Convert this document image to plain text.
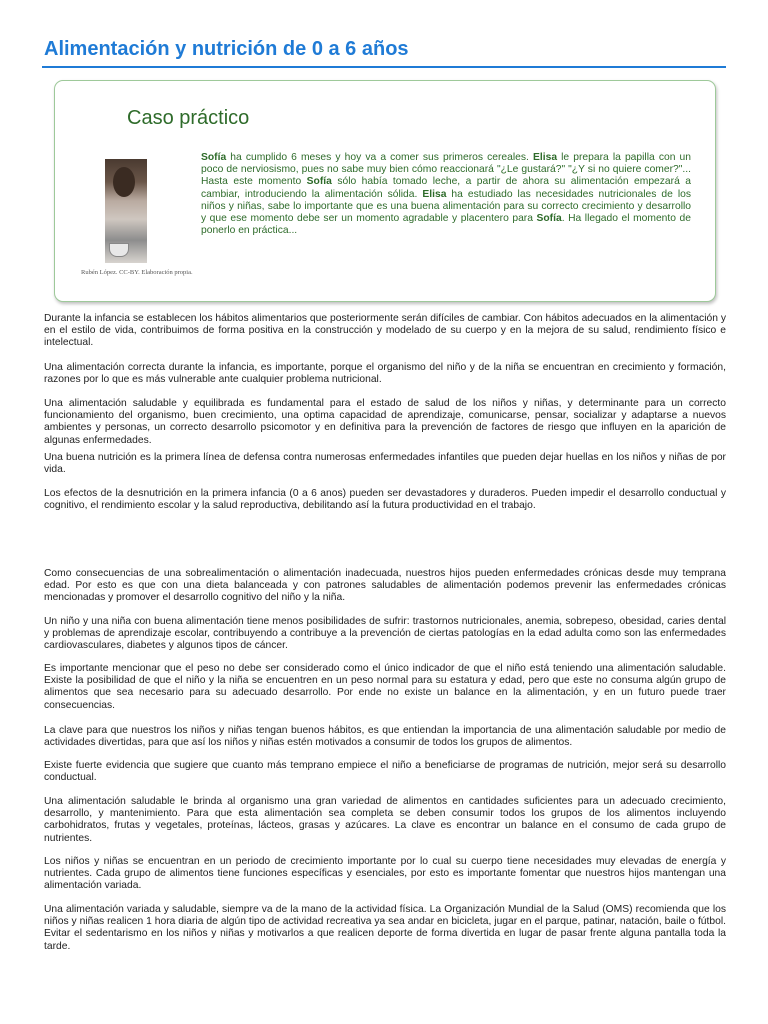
Alimentación y nutrición de 0 a 6 años
Caso práctico
Rubén López. CC-BY. Elaboración propia.
Sofía ha cumplido 6 meses y hoy va a comer sus primeros cereales. Elisa le prepara la papilla con un poco de nerviosismo, pues no sabe muy bien cómo reaccionará "¿Le gustará?" "¿Y si no quiere comer?"... Hasta este momento Sofía sólo había tomado leche, a partir de ahora su alimentación empezará a cambiar, introduciendo la alimentación sólida. Elisa ha estudiado las necesidades nutricionales de los niños y niñas, sabe lo importante que es una buena alimentación para su correcto crecimiento y desarrollo y que ese momento debe ser un momento agradable y placentero para Sofía. Ha llegado el momento de ponerlo en práctica...

Durante la infancia se establecen los hábitos alimentarios que posteriormente serán difíciles de cambiar. Con hábitos adecuados en la alimentación y en el estilo de vida, contribuimos de forma positiva en la construcción y modelado de su cuerpo y en la mejora de su salud, rendimiento físico e intelectual.

Una alimentación correcta durante la infancia, es importante, porque el organismo del niño y de la niña se encuentran en crecimiento y formación, razones por lo que es más vulnerable ante cualquier problema nutricional.

Una alimentación saludable y equilibrada es fundamental para el estado de salud de los niños y niñas, y determinante para un correcto funcionamiento del organismo, buen crecimiento, una optima capacidad de aprendizaje, comunicarse, pensar, socializar y adaptarse a nuevos ambientes y personas, un correcto desarrollo psicomotor y en definitiva para la prevención de factores de riesgo que influyen en la aparición de algunas enfermedades.

Una buena nutrición es la primera línea de defensa contra numerosas enfermedades infantiles que pueden dejar huellas en los niños y niñas de por vida.

Los efectos de la desnutrición en la primera infancia (0 a 6 anos) pueden ser devastadores y duraderos. Pueden impedir el desarrollo conductual y cognitivo, el rendimiento escolar y la salud reproductiva, debilitando así la futura productividad en el trabajo.

Como consecuencias de una sobrealimentación o alimentación inadecuada, nuestros hijos pueden enfermedades crónicas desde muy temprana edad. Por esto es que con una dieta balanceada y con patrones saludables de alimentación podemos prevenir las enfermedades crónicas mencionadas y promover el desarrollo cognitivo del niño y la niña.

Un niño y una niña con buena alimentación tiene menos posibilidades de sufrir: trastornos nutricionales, anemia, sobrepeso, obesidad, caries dental y problemas de aprendizaje escolar, contribuyendo a contribuye a la prevención de ciertas patologías en la edad adulta como son las enfermedades cardiovasculares, diabetes y algunos tipos de cáncer.

Es importante mencionar que el peso no debe ser considerado como el único indicador de que el niño está teniendo una alimentación saludable. Existe la posibilidad de que el niño y la niña se encuentren en un peso normal para su estatura y edad, pero que este no consuma algún grupo de alimentos que sea necesario para su adecuado desarrollo. Por ende no existe un balance en la alimentación, y en un futuro puede traer consecuencias.

La clave para que nuestros los niños y niñas tengan buenos hábitos, es que entiendan la importancia de una alimentación saludable por medio de actividades divertidas, para que así los niños y niñas estén motivados a consumir de todos los grupos de alimentos.

Existe fuerte evidencia que sugiere que cuanto más temprano empiece el niño a beneficiarse de programas de nutrición, mejor será su desarrollo conductual.

Una alimentación saludable le brinda al organismo una gran variedad de alimentos en cantidades suficientes para un adecuado crecimiento, desarrollo, y mantenimiento. Para que esta alimentación sea completa se deben consumir todos los grupos de los alimentos incluyendo carbohidratos, frutas y vegetales, proteínas, lácteos, grasas y azúcares. La clave es encontrar un balance en el consumo de cada grupo de nutrientes.

Los niños y niñas se encuentran en un periodo de crecimiento importante por lo cual su cuerpo tiene necesidades muy elevadas de energía y nutrientes. Cada grupo de alimentos tiene funciones específicas y esenciales, por esto es importante fomentar que nuestros hijos mantengan una alimentación variada.

Una alimentación variada y saludable, siempre va de la mano de la actividad física. La Organización Mundial de la Salud (OMS) recomienda que los niños y niñas realicen 1 hora diaria de algún tipo de actividad recreativa ya sea andar en bicicleta, jugar en el parque, patinar, natación, baile o fútbol. Evitar el sedentarismo en los niños y niñas y motivarlos a que realicen deporte de forma divertida en lugar de pasar frente alguna pantalla toda la tarde.
